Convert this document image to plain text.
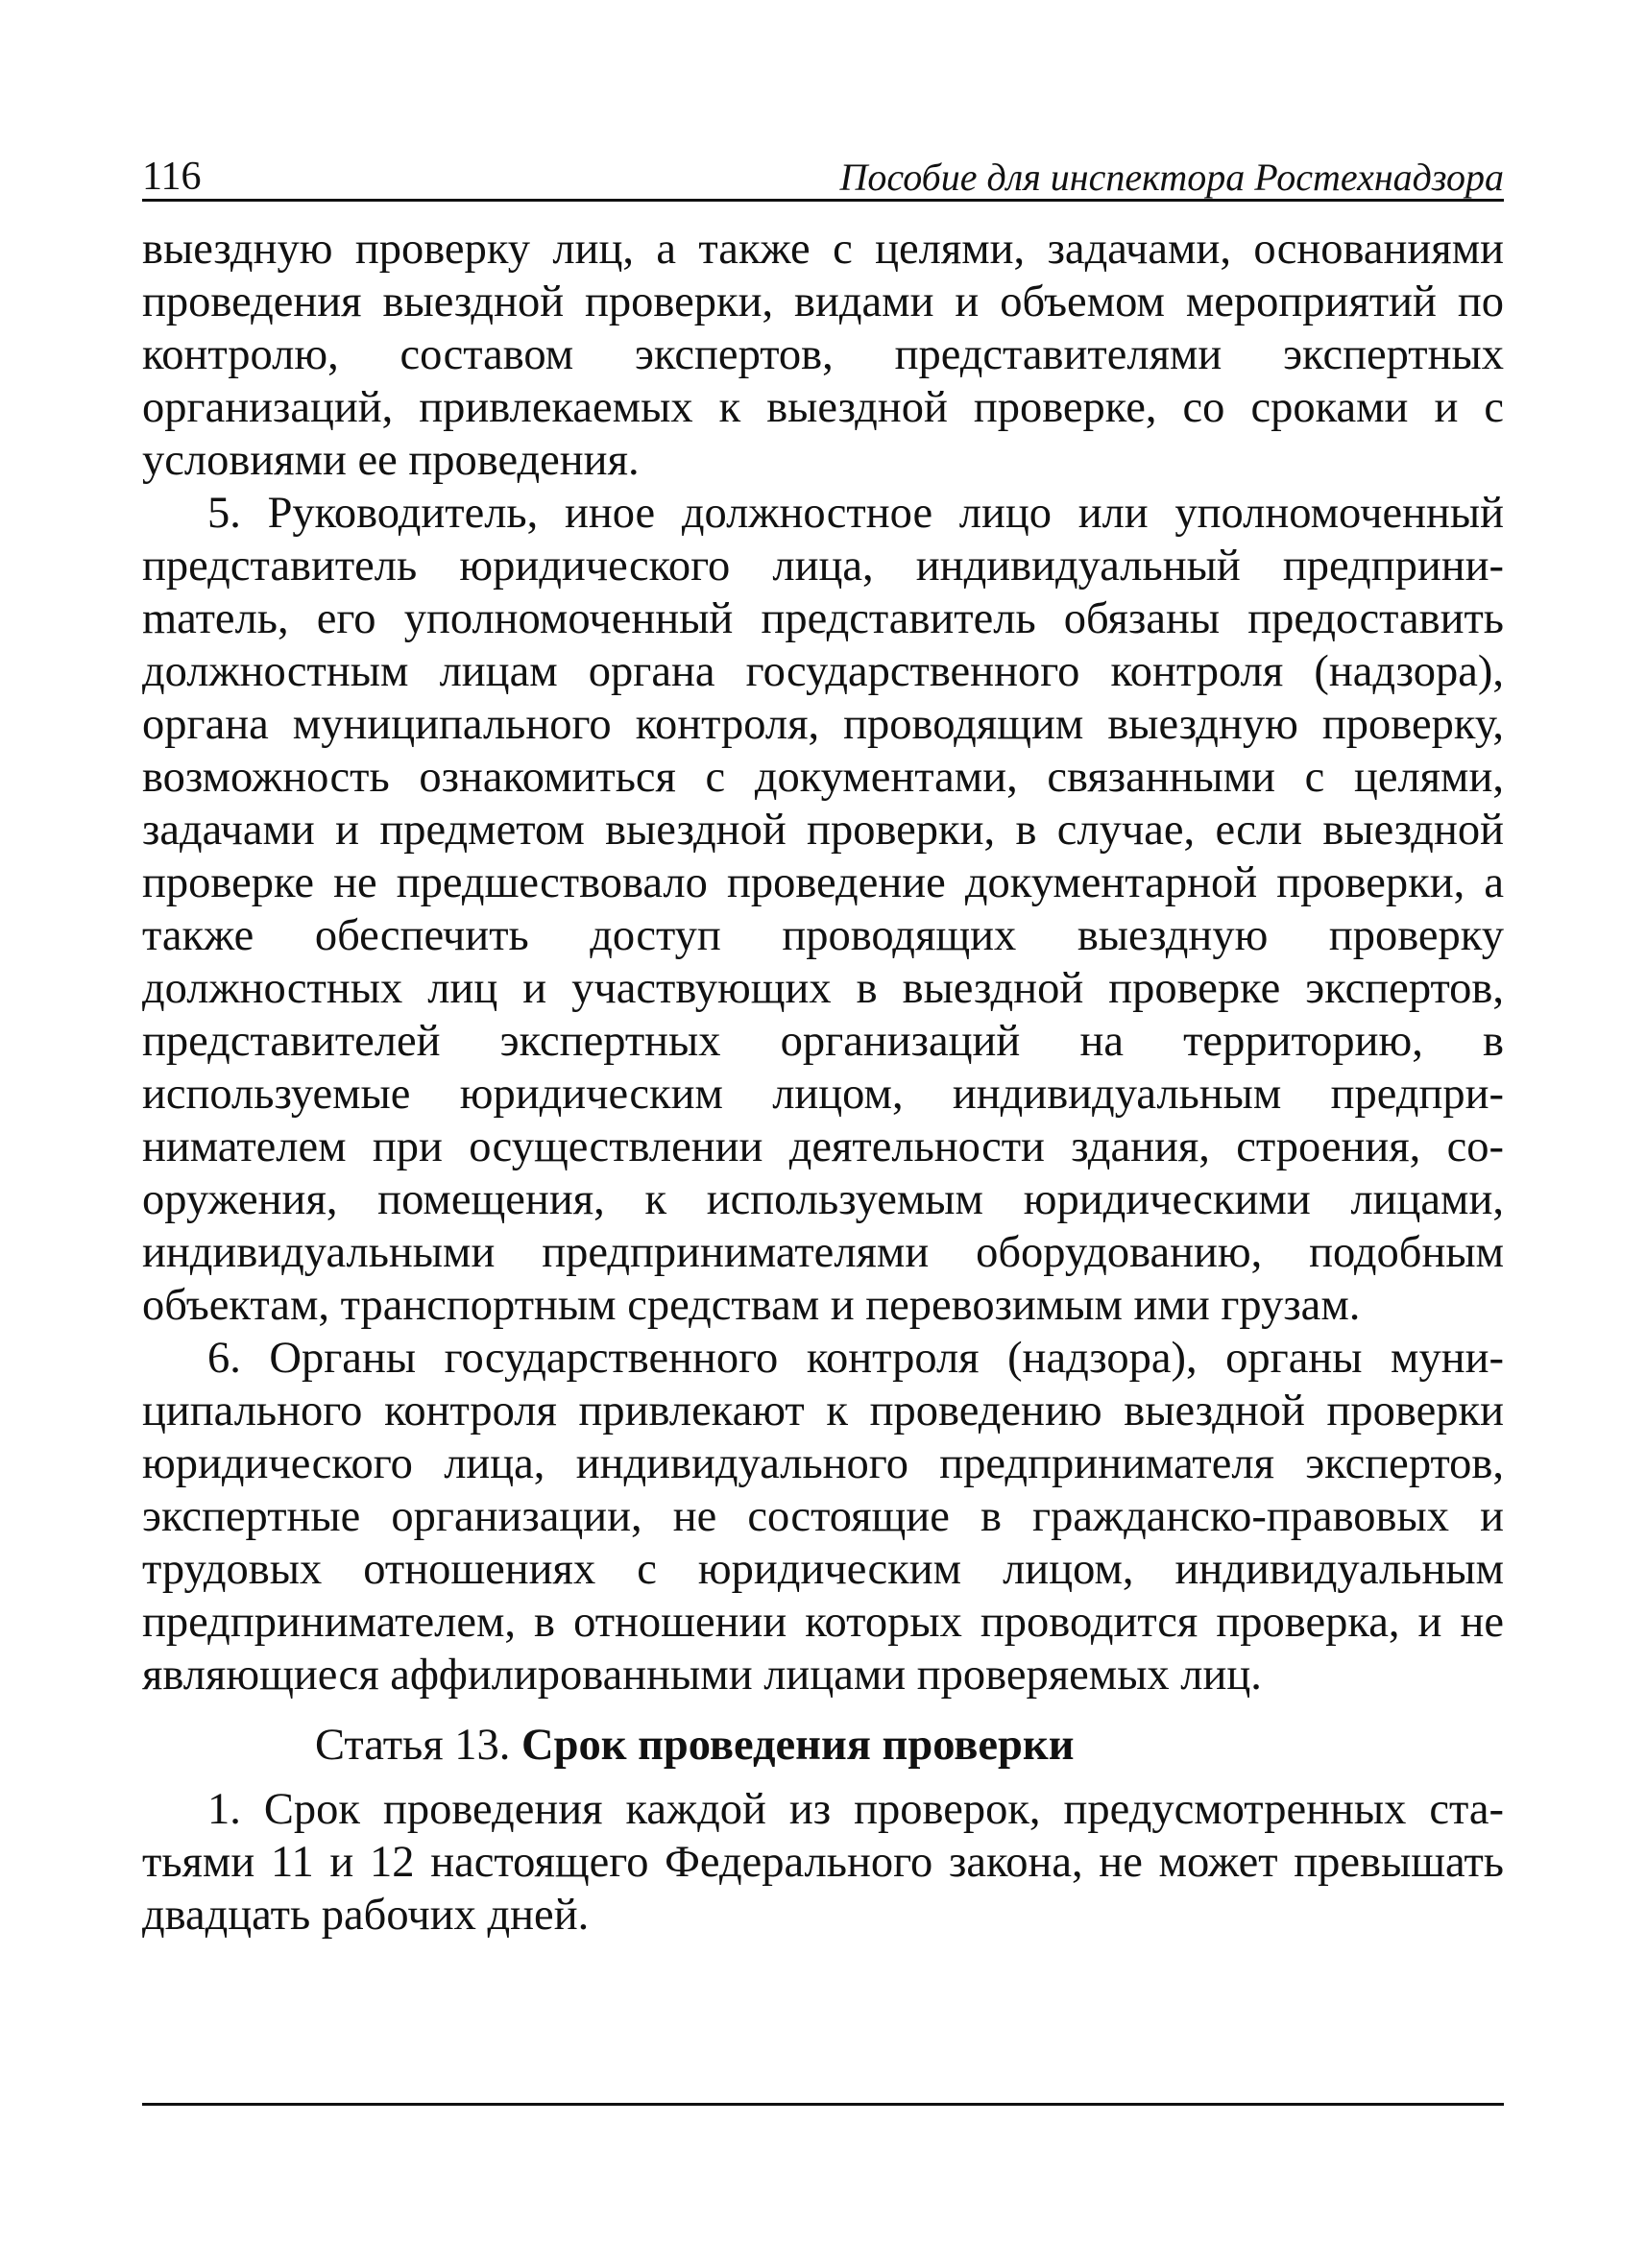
116	Пособие для инспектора Ростехнадзора

выездную проверку лиц, а также с целями, задачами, основаниями проведения выездной проверки, видами и объемом мероприятий по контролю, составом экспертов, представителями экспертных организаций, привлекаемых к выездной проверке, со сроками и с условиями ее проведения.

5. Руководитель, иное должностное лицо или уполномоченный представитель юридического лица, индивидуальный предприниmатель, его уполномоченный представитель обязаны предоставить должностным лицам органа государственного контроля (надзора), органа муниципального контроля, проводящим выездную проверку, возможность ознакомиться с документами, связанными с целями, задачами и предметом выездной проверки, в случае, если выездной проверке не предшествовало проведение документарной проверки, а также обеспечить доступ проводящих выездную проверку должностных лиц и участвующих в выездной проверке экспертов, представителей экспертных организаций на территорию, в используемые юридическим лицом, индивидуальным предпринимателем при осуществлении деятельности здания, строения, сооружения, помещения, к используемым юридическими лицами, индивидуальными предпринимателями оборудованию, подобным объектам, транспортным средствам и перевозимым ими грузам.

6. Органы государственного контроля (надзора), органы муниципального контроля привлекают к проведению выездной проверки юридического лица, индивидуального предпринимателя экспертов, экспертные организации, не состоящие в гражданско-правовых и трудовых отношениях с юридическим лицом, индивидуальным предпринимателем, в отношении которых проводится проверка, и не являющиеся аффилированными лицами проверяемых лиц.

Статья 13. Срок проведения проверки

1. Срок проведения каждой из проверок, предусмотренных статьями 11 и 12 настоящего Федерального закона, не может превышать двадцать рабочих дней.
